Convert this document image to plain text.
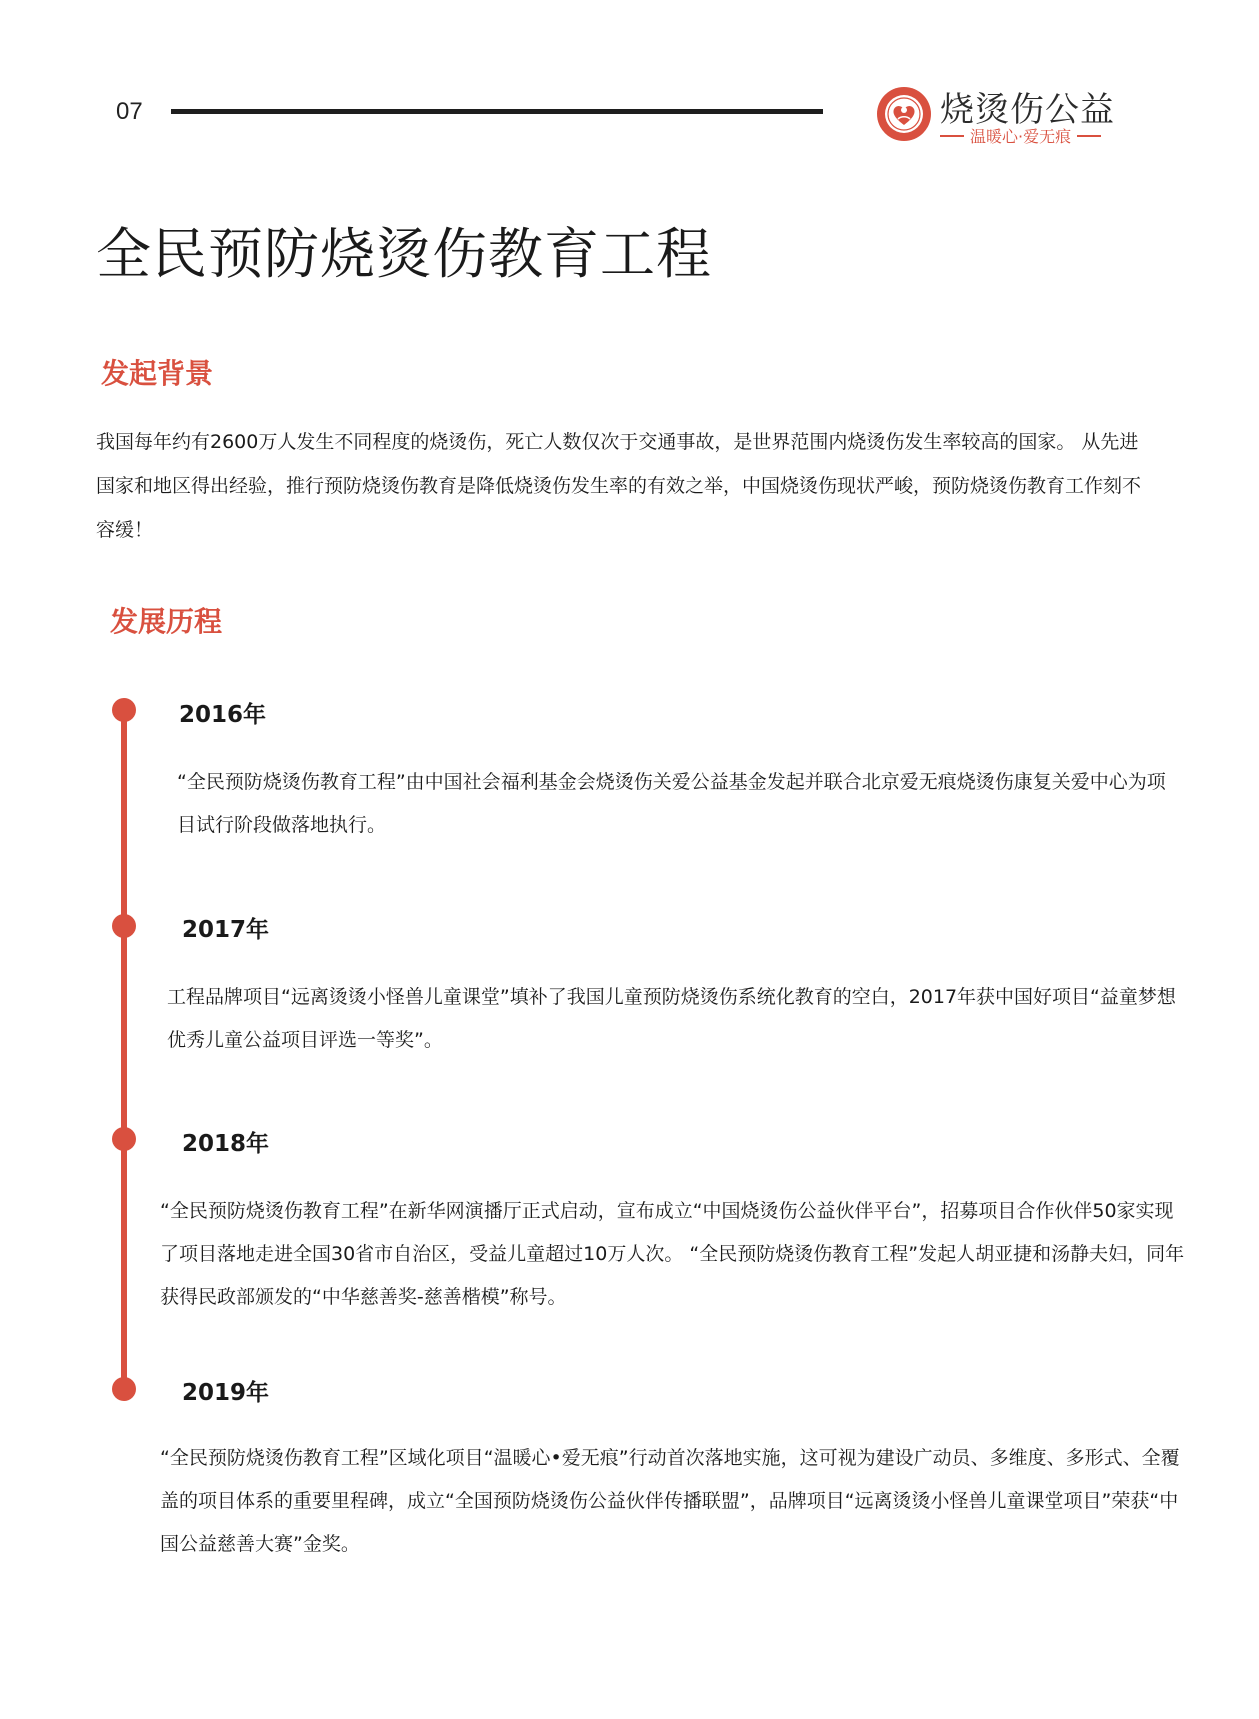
07	烧烫伤公益
温暖心·爱无痕
全民预防烧烫伤教育工程
发起背景

我国每年约有2600万人发生不同程度的烧烫伤，死亡人数仅次于交通事故，是世界范围内烧烫伤发生率较高的国家。 从先进国家和地区得出经验，推行预防烧烫伤教育是降低烧烫伤发生率的有效之举，中国烧烫伤现状严峻，预防烧烫伤教育工作刻不容缓！

发展历程
2016年

“全民预防烧烫伤教育工程”由中国社会福利基金会烧烫伤关爱公益基金发起并联合北京爱无痕烧烫伤康复关爱中心为项目试行阶段做落地执行。

2017年

工程品牌项目“远离烫烫小怪兽儿童课堂”填补了我国儿童预防烧烫伤系统化教育的空白，2017年获中国好项目“益童梦想优秀儿童公益项目评选一等奖”。

2018年

“全民预防烧烫伤教育工程”在新华网演播厅正式启动，宣布成立“中国烧烫伤公益伙伴平台”，招募项目合作伙伴50家实现了项目落地走进全国30省市自治区，受益儿童超过10万人次。 “全民预防烧烫伤教育工程”发起人胡亚捷和汤静夫妇，同年获得民政部颁发的“中华慈善奖-慈善楷模”称号。

2019年

“全民预防烧烫伤教育工程”区域化项目“温暖心•爱无痕”行动首次落地实施，这可视为建设广动员、多维度、多形式、全覆盖的项目体系的重要里程碑，成立“全国预防烧烫伤公益伙伴传播联盟”，品牌项目“远离烫烫小怪兽儿童课堂项目”荣获“中国公益慈善大赛”金奖。
